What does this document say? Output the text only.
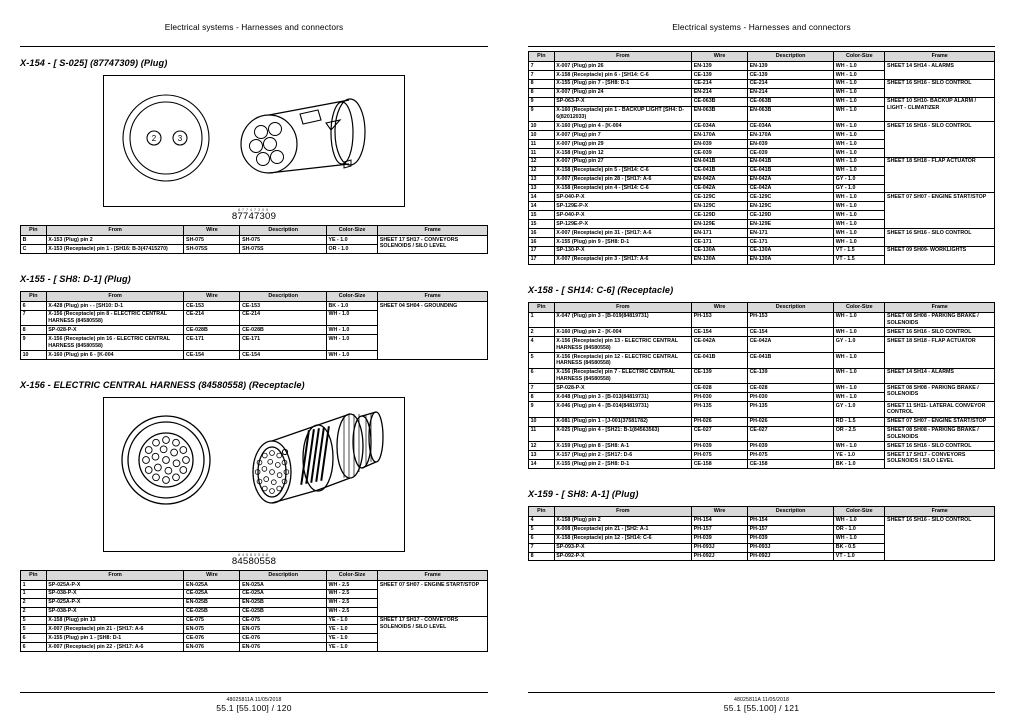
Electrical systems - Harnesses and connectors
X-154 - [ S-025] (87747309) (Plug)
2	3
87747309
87747309
Pin	From	Wire	Description	Color-Size	Frame
B	X-153 (Plug) pin 2	SH-075	SH-075	YE - 1.0	SHEET 17 SH17 - CONVEYORS SOLENOIDS / SILO LEVEL
C	X-153 (Receptacle) pin 1 - [SH16: B-3(47415270)	SH-075S	SH-075S	OR - 1.0	
X-155 - [ SH8: D-1] (Plug)
Pin	From	Wire	Description	Color-Size	Frame
6	X-428 (Plug) pin - - [SH10: D-1	CE-153	CE-153	BK - 1.0	SHEET 04 SH04 - GROUNDING
7	X-156 (Receptacle) pin 8 - ELECTRIC CENTRAL HARNESS (84580558)	CE-214	CE-214	WH - 1.0	
8	SP-028-P-X	CE-028B	CE-028B	WH - 1.0	
9	X-156 (Receptacle) pin 16 - ELECTRIC CENTRAL HARNESS (84580558)	CE-171	CE-171	WH - 1.0	
10	X-160 (Plug) pin 6 - [K-004	CE-154	CE-154	WH - 1.0	
X-156 - ELECTRIC CENTRAL HARNESS (84580558) (Receptacle)
84580558
84580558
Pin	From	Wire	Description	Color-Size	Frame
1	SP-025A-P-X	EN-025A	EN-025A	WH - 2.5	SHEET 07 SH07 - ENGINE START/STOP
1	SP-038-P-X	CE-025A	CE-025A	WH - 2.5	
2	SP-025A-P-X	EN-025B	EN-025B	WH - 2.5	
2	SP-038-P-X	CE-025B	CE-025B	WH - 2.5	
5	X-158 (Plug) pin 13	CE-075	CE-075	YE - 1.0	SHEET 17 SH17 - CONVEYORS SOLENOIDS / SILO LEVEL
5	X-007 (Receptacle) pin 21 - [SH17: A-6	EN-075	EN-075	YE - 1.0	
6	X-155 (Plug) pin 1 - [SH8: D-1	CE-076	CE-076	YE - 1.0	
6	X-007 (Receptacle) pin 22 - [SH17: A-6	EN-076	EN-076	YE - 1.0	
48025811A 11/05/2018
55.1 [55.100] / 120
Electrical systems - Harnesses and connectors
Pin	From	Wire	Description	Color-Size	Frame
7	X-007 (Plug) pin 26	EN-139	EN-139	WH - 1.0	SHEET 14 SH14 - ALARMS
7	X-158 (Receptacle) pin 6 - [SH14: C-6	CE-139	CE-139	WH - 1.0	
8	X-155 (Plug) pin 7 - [SH8: D-1	CE-214	CE-214	WH - 1.0	SHEET 16 SH16 - SILO CONTROL
8	X-007 (Plug) pin 24	EN-214	EN-214	WH - 1.0	
9	SP-063-P-X	CE-063B	CE-063B	WH - 1.0	SHEET 10 SH10- BACKUP ALARM / LIGHT - CLIMATIZER
9	X-160 (Receptacle) pin 1 - BACKUP LIGHT [SH4: D-6(82012033)	EN-063B	EN-063B	WH - 1.0	
10	X-160 (Plug) pin 4 - [K-004	CE-034A	CE-034A	WH - 1.0	SHEET 16 SH16 - SILO CONTROL
10	X-007 (Plug) pin 7	EN-170A	EN-170A	WH - 1.0	
11	X-007 (Plug) pin 29	EN-039	EN-039	WH - 1.0	
11	X-158 (Plug) pin 12	CE-039	CE-039	WH - 1.0	
12	X-007 (Plug) pin 27	EN-041B	EN-041B	WH - 1.0	SHEET 18 SH18 - FLAP ACTUATOR
12	X-158 (Receptacle) pin 5 - [SH14: C-6	CE-041B	CE-041B	WH - 1.0	
13	X-007 (Receptacle) pin 28 - [SH17: A-6	EN-042A	EN-042A	GY - 1.0	
13	X-158 (Receptacle) pin 4 - [SH14: C-6	CE-042A	CE-042A	GY - 1.0	
14	SP-040-P-X	CE-129C	CE-129C	WH - 1.0	SHEET 07 SH07 - ENGINE START/STOP
14	SP-129E-P-X	EN-129C	EN-129C	WH - 1.0	
15	SP-040-P-X	CE-129D	CE-129D	WH - 1.0	
15	SP-129E-P-X	EN-129E	EN-129E	WH - 1.0	
16	X-007 (Receptacle) pin 31 - [SH17: A-6	EN-171	EN-171	WH - 1.0	SHEET 16 SH16 - SILO CONTROL
16	X-155 (Plug) pin 9 - [SH8: D-1	CE-171	CE-171	WH - 1.0	
17	SP-130-P-X	CE-130A	CE-130A	VT - 1.5	SHEET 09 SH09- WORKLIGHTS
17	X-007 (Receptacle) pin 3 - [SH17: A-6	EN-130A	EN-130A	VT - 1.5	
X-158 - [ SH14: C-6] (Receptacle)
Pin	From	Wire	Description	Color-Size	Frame
1	X-047 (Plug) pin 3 - [B-019(84819731)	PH-153	PH-153	WH - 1.0	SHEET 08 SH08 - PARKING BRAKE / SOLENOIDS
2	X-160 (Plug) pin 2 - [K-004	CE-154	CE-154	WH - 1.0	SHEET 16 SH16 - SILO CONTROL
4	X-156 (Receptacle) pin 13 - ELECTRIC CENTRAL HARNESS (84580558)	CE-042A	CE-042A	GY - 1.0	SHEET 18 SH18 - FLAP ACTUATOR
5	X-156 (Receptacle) pin 12 - ELECTRIC CENTRAL HARNESS (84580558)	CE-041B	CE-041B	WH - 1.0	
6	X-156 (Receptacle) pin 7 - ELECTRIC CENTRAL HARNESS (84580558)	CE-139	CE-139	WH - 1.0	SHEET 14 SH14 - ALARMS
7	SP-028-P-X	CE-028	CE-028	WH - 1.0	SHEET 08 SH08 - PARKING BRAKE / SOLENOIDS
8	X-048 (Plug) pin 3 - [B-013(84819731)	PH-030	PH-030	WH - 1.0	
9	X-046 (Plug) pin 4 - [B-014(84819731)	PH-135	PH-135	GY - 1.0	SHEET 11 SH11- LATERAL CONVEYOR CONTROL
10	X-081 (Plug) pin 1 - [J-001(37581782)	PH-026	PH-026	RD - 1.5	SHEET 07 SH07 - ENGINE START/STOP
11	X-025 (Plug) pin 4 - [SH21: B-1(84563563)	CE-027	CE-027	OR - 2.5	SHEET 08 SH08 - PARKING BRAKE / SOLENOIDS
12	X-159 (Plug) pin 8 - [SH8: A-1	PH-039	PH-039	WH - 1.0	SHEET 16 SH16 - SILO CONTROL
13	X-157 (Plug) pin 2 - [SH17: D-6	PH-075	PH-075	YE - 1.0	SHEET 17 SH17 - CONVEYORS SOLENOIDS / SILO LEVEL
14	X-155 (Plug) pin 2 - [SH8: D-1	CE-158	CE-158	BK - 1.0	
X-159 - [ SH8: A-1] (Plug)
Pin	From	Wire	Description	Color-Size	Frame
4	X-158 (Plug) pin 2	PH-154	PH-154	WH - 1.0	SHEET 16 SH16 - SILO CONTROL
5	X-008 (Receptacle) pin 21 - [SH2: A-1	PH-157	PH-157	OR - 1.0	
6	X-158 (Receptacle) pin 12 - [SH14: C-6	PH-039	PH-039	WH - 1.0	
7	SP-093-P-X	PH-093J	PH-093J	BK - 0.5	
8	SP-092-P-X	PH-092J	PH-092J	VT - 1.0	
48025811A 11/05/2018
55.1 [55.100] / 121
